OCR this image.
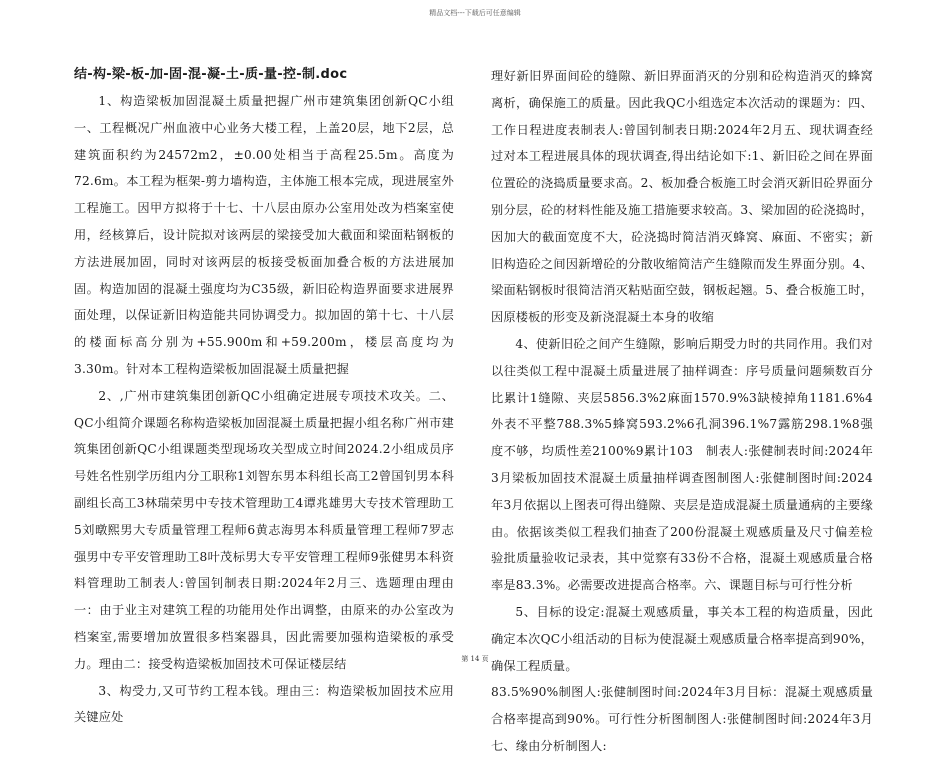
精品文档---下载后可任意编辑
结-构-梁-板-加-固-混-凝-土-质-量-控-制.doc

1、构造梁板加固混凝土质量把握广州市建筑集团创新QC小组一、工程概况广州血液中心业务大楼工程，上盖20层，地下2层，总建筑面积约为24572m2，±0.00处相当于高程25.5m。高度为72.6m。本工程为框架-剪力墙构造，主体施工根本完成，现进展室外工程施工。因甲方拟将于十七、十八层由原办公室用处改为档案室使用，经核算后，设计院拟对该两层的梁接受加大截面和梁面粘钢板的方法进展加固，同时对该两层的板接受板面加叠合板的方法进展加固。构造加固的混凝土强度均为C35级，新旧砼构造界面要求进展界面处理，以保证新旧构造能共同协调受力。拟加固的第十七、十八层的楼面标高分别为+55.900m和+59.200m，楼层高度均为3.30m。针对本工程构造梁板加固混凝土质量把握

2、,广州市建筑集团创新QC小组确定进展专项技术攻关。二、QC小组简介课题名称构造梁板加固混凝土质量把握小组名称广州市建筑集团创新QC小组课题类型现场攻关型成立时间2024.2小组成员序号姓名性别学历组内分工职称1刘智东男本科组长高工2曾国钊男本科副组长高工3林瑞荣男中专技术管理助工4谭兆雄男大专技术管理助工5刘暾熙男大专质量管理工程师6黄志海男本科质量管理工程师7罗志强男中专平安管理助工8叶茂标男大专平安管理工程师9张健男本科资料管理助工制表人:曾国钊制表日期:2024年2月三、选题理由理由一：由于业主对建筑工程的功能用处作出调整，由原来的办公室改为档案室,需要增加放置很多档案器具，因此需要加强构造梁板的承受力。理由二：接受构造梁板加固技术可保证楼层结

3、构受力,又可节约工程本钱。理由三：构造梁板加固技术应用关键应处

理好新旧界面间砼的缝隙、新旧界面消灭的分别和砼构造消灭的蜂窝离析，确保施工的质量。因此我QC小组选定本次活动的课题为：四、工作日程进度表制表人:曾国钊制表日期:2024年2月五、现状调查经过对本工程进展具体的现状调查,得出结论如下:1、新旧砼之间在界面位置砼的浇捣质量要求高。2、板加叠合板施工时会消灭新旧砼界面分别分层，砼的材料性能及施工措施要求较高。3、梁加固的砼浇捣时，因加大的截面宽度不大，砼浇捣时简洁消灭蜂窝、麻面、不密实；新旧构造砼之间因新增砼的分散收缩简洁产生缝隙而发生界面分别。4、梁面粘钢板时很简洁消灭粘贴面空鼓，钢板起翘。5、叠合板施工时，因原楼板的形变及新浇混凝土本身的收缩

4、使新旧砼之间产生缝隙，影响后期受力时的共同作用。我们对以往类似工程中混凝土质量进展了抽样调查：序号质量问题频数百分比累计1缝隙、夹层5856.3%2麻面1570.9%3缺棱掉角1181.6%4外表不平整788.3%5蜂窝593.2%6孔洞396.1%7露筋298.1%8强度不够，均质性差2100%9累计103　制表人:张健制表时间:2024年3月梁板加固技术混凝土质量抽样调查图制图人:张健制图时间:2024年3月依据以上图表可得出缝隙、夹层是造成混凝土质量通病的主要缘由。依据该类似工程我们抽查了200份混凝土观感质量及尺寸偏差检验批质量验收记录表，其中觉察有33份不合格，混凝土观感质量合格率是83.3%。必需要改进提高合格率。六、课题目标与可行性分析

5、目标的设定:混凝土观感质量，事关本工程的构造质量，因此确定本次QC小组活动的目标为使混凝土观感质量合格率提高到90%，确保工程质量。

83.5%90%制图人:张健制图时间:2024年3月目标：混凝土观感质量合格率提高到90%。可行性分析图制图人:张健制图时间:2024年3月七、缘由分析制图人:

第 14 页
